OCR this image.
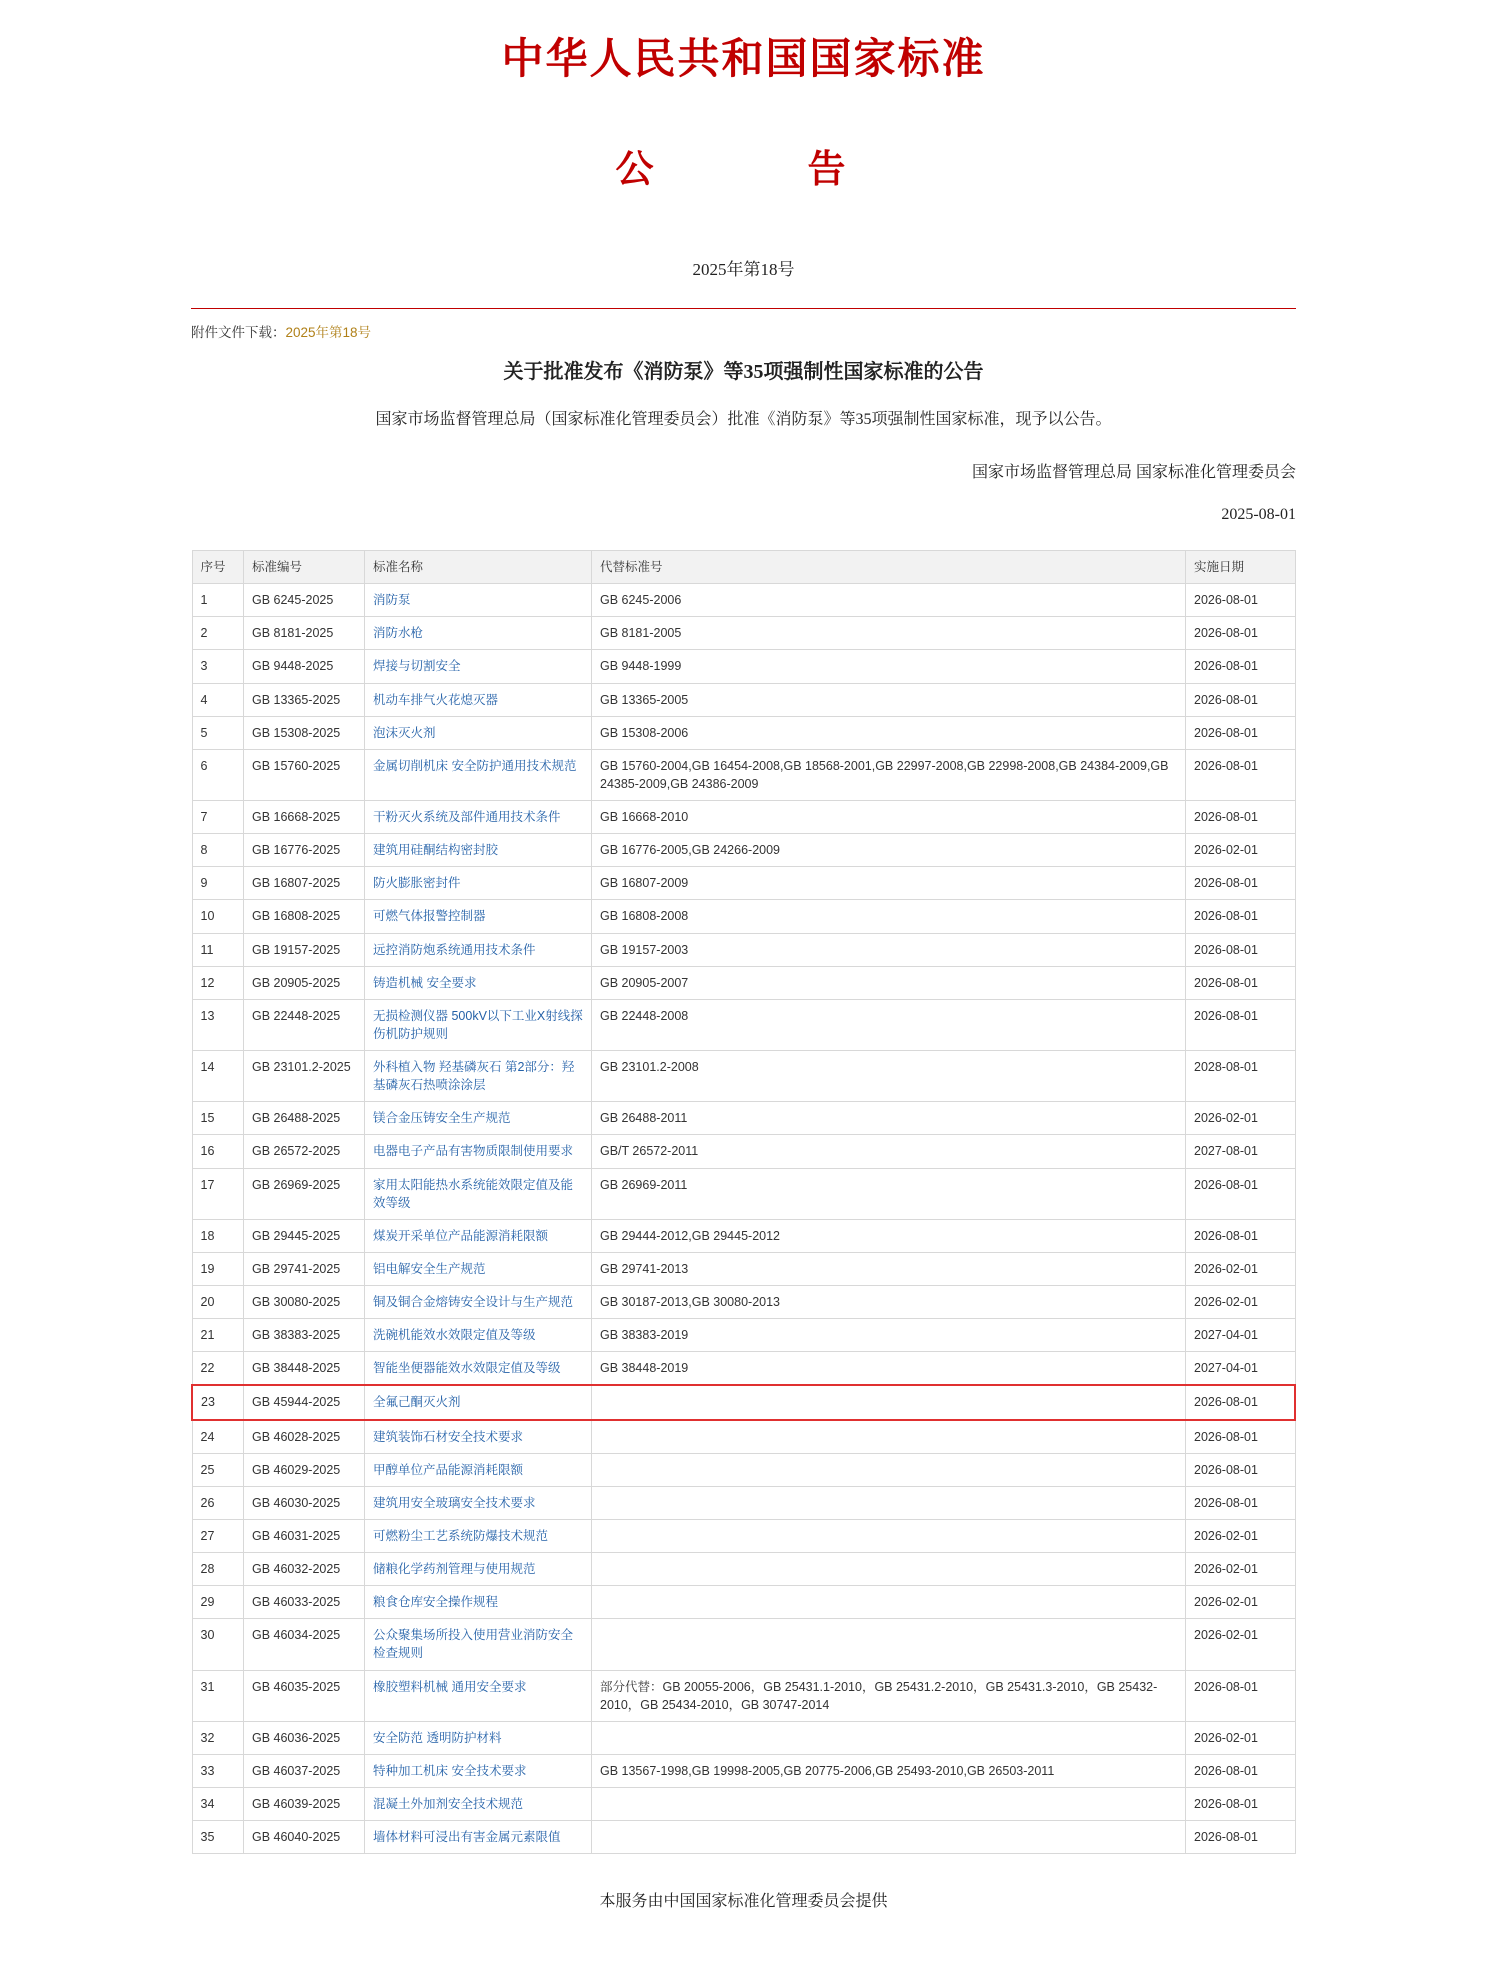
中华人民共和国国家标准
公　　告
2025年第18号
附件文件下载：2025年第18号
关于批准发布《消防泵》等35项强制性国家标准的公告
国家市场监督管理总局（国家标准化管理委员会）批准《消防泵》等35项强制性国家标准，现予以公告。
国家市场监督管理总局 国家标准化管理委员会
2025-08-01
序号	标准编号	标准名称	代替标准号	实施日期
1	GB 6245-2025	消防泵	GB 6245-2006	2026-08-01
2	GB 8181-2025	消防水枪	GB 8181-2005	2026-08-01
3	GB 9448-2025	焊接与切割安全	GB 9448-1999	2026-08-01
4	GB 13365-2025	机动车排气火花熄灭器	GB 13365-2005	2026-08-01
5	GB 15308-2025	泡沫灭火剂	GB 15308-2006	2026-08-01
6	GB 15760-2025	金属切削机床 安全防护通用技术规范	GB 15760-2004,GB 16454-2008,GB 18568-2001,GB 22997-2008,GB 22998-2008,GB 24384-2009,GB 24385-2009,GB 24386-2009	2026-08-01
7	GB 16668-2025	干粉灭火系统及部件通用技术条件	GB 16668-2010	2026-08-01
8	GB 16776-2025	建筑用硅酮结构密封胶	GB 16776-2005,GB 24266-2009	2026-02-01
9	GB 16807-2025	防火膨胀密封件	GB 16807-2009	2026-08-01
10	GB 16808-2025	可燃气体报警控制器	GB 16808-2008	2026-08-01
11	GB 19157-2025	远控消防炮系统通用技术条件	GB 19157-2003	2026-08-01
12	GB 20905-2025	铸造机械 安全要求	GB 20905-2007	2026-08-01
13	GB 22448-2025	无损检测仪器 500kV以下工业X射线探伤机防护规则	GB 22448-2008	2026-08-01
14	GB 23101.2-2025	外科植入物 羟基磷灰石 第2部分：羟基磷灰石热喷涂涂层	GB 23101.2-2008	2028-08-01
15	GB 26488-2025	镁合金压铸安全生产规范	GB 26488-2011	2026-02-01
16	GB 26572-2025	电器电子产品有害物质限制使用要求	GB/T 26572-2011	2027-08-01
17	GB 26969-2025	家用太阳能热水系统能效限定值及能效等级	GB 26969-2011	2026-08-01
18	GB 29445-2025	煤炭开采单位产品能源消耗限额	GB 29444-2012,GB 29445-2012	2026-08-01
19	GB 29741-2025	铝电解安全生产规范	GB 29741-2013	2026-02-01
20	GB 30080-2025	铜及铜合金熔铸安全设计与生产规范	GB 30187-2013,GB 30080-2013	2026-02-01
21	GB 38383-2025	洗碗机能效水效限定值及等级	GB 38383-2019	2027-04-01
22	GB 38448-2025	智能坐便器能效水效限定值及等级	GB 38448-2019	2027-04-01
23	GB 45944-2025	全氟己酮灭火剂		2026-08-01
24	GB 46028-2025	建筑装饰石材安全技术要求		2026-08-01
25	GB 46029-2025	甲醇单位产品能源消耗限额		2026-08-01
26	GB 46030-2025	建筑用安全玻璃安全技术要求		2026-08-01
27	GB 46031-2025	可燃粉尘工艺系统防爆技术规范		2026-02-01
28	GB 46032-2025	储粮化学药剂管理与使用规范		2026-02-01
29	GB 46033-2025	粮食仓库安全操作规程		2026-02-01
30	GB 46034-2025	公众聚集场所投入使用营业消防安全检查规则		2026-02-01
31	GB 46035-2025	橡胶塑料机械 通用安全要求	部分代替：GB 20055-2006，GB 25431.1-2010，GB 25431.2-2010，GB 25431.3-2010，GB 25432-2010，GB 25434-2010，GB 30747-2014	2026-08-01
32	GB 46036-2025	安全防范 透明防护材料		2026-02-01
33	GB 46037-2025	特种加工机床 安全技术要求	GB 13567-1998,GB 19998-2005,GB 20775-2006,GB 25493-2010,GB 26503-2011	2026-08-01
34	GB 46039-2025	混凝土外加剂安全技术规范		2026-08-01
35	GB 46040-2025	墙体材料可浸出有害金属元素限值		2026-08-01
本服务由中国国家标准化管理委员会提供
